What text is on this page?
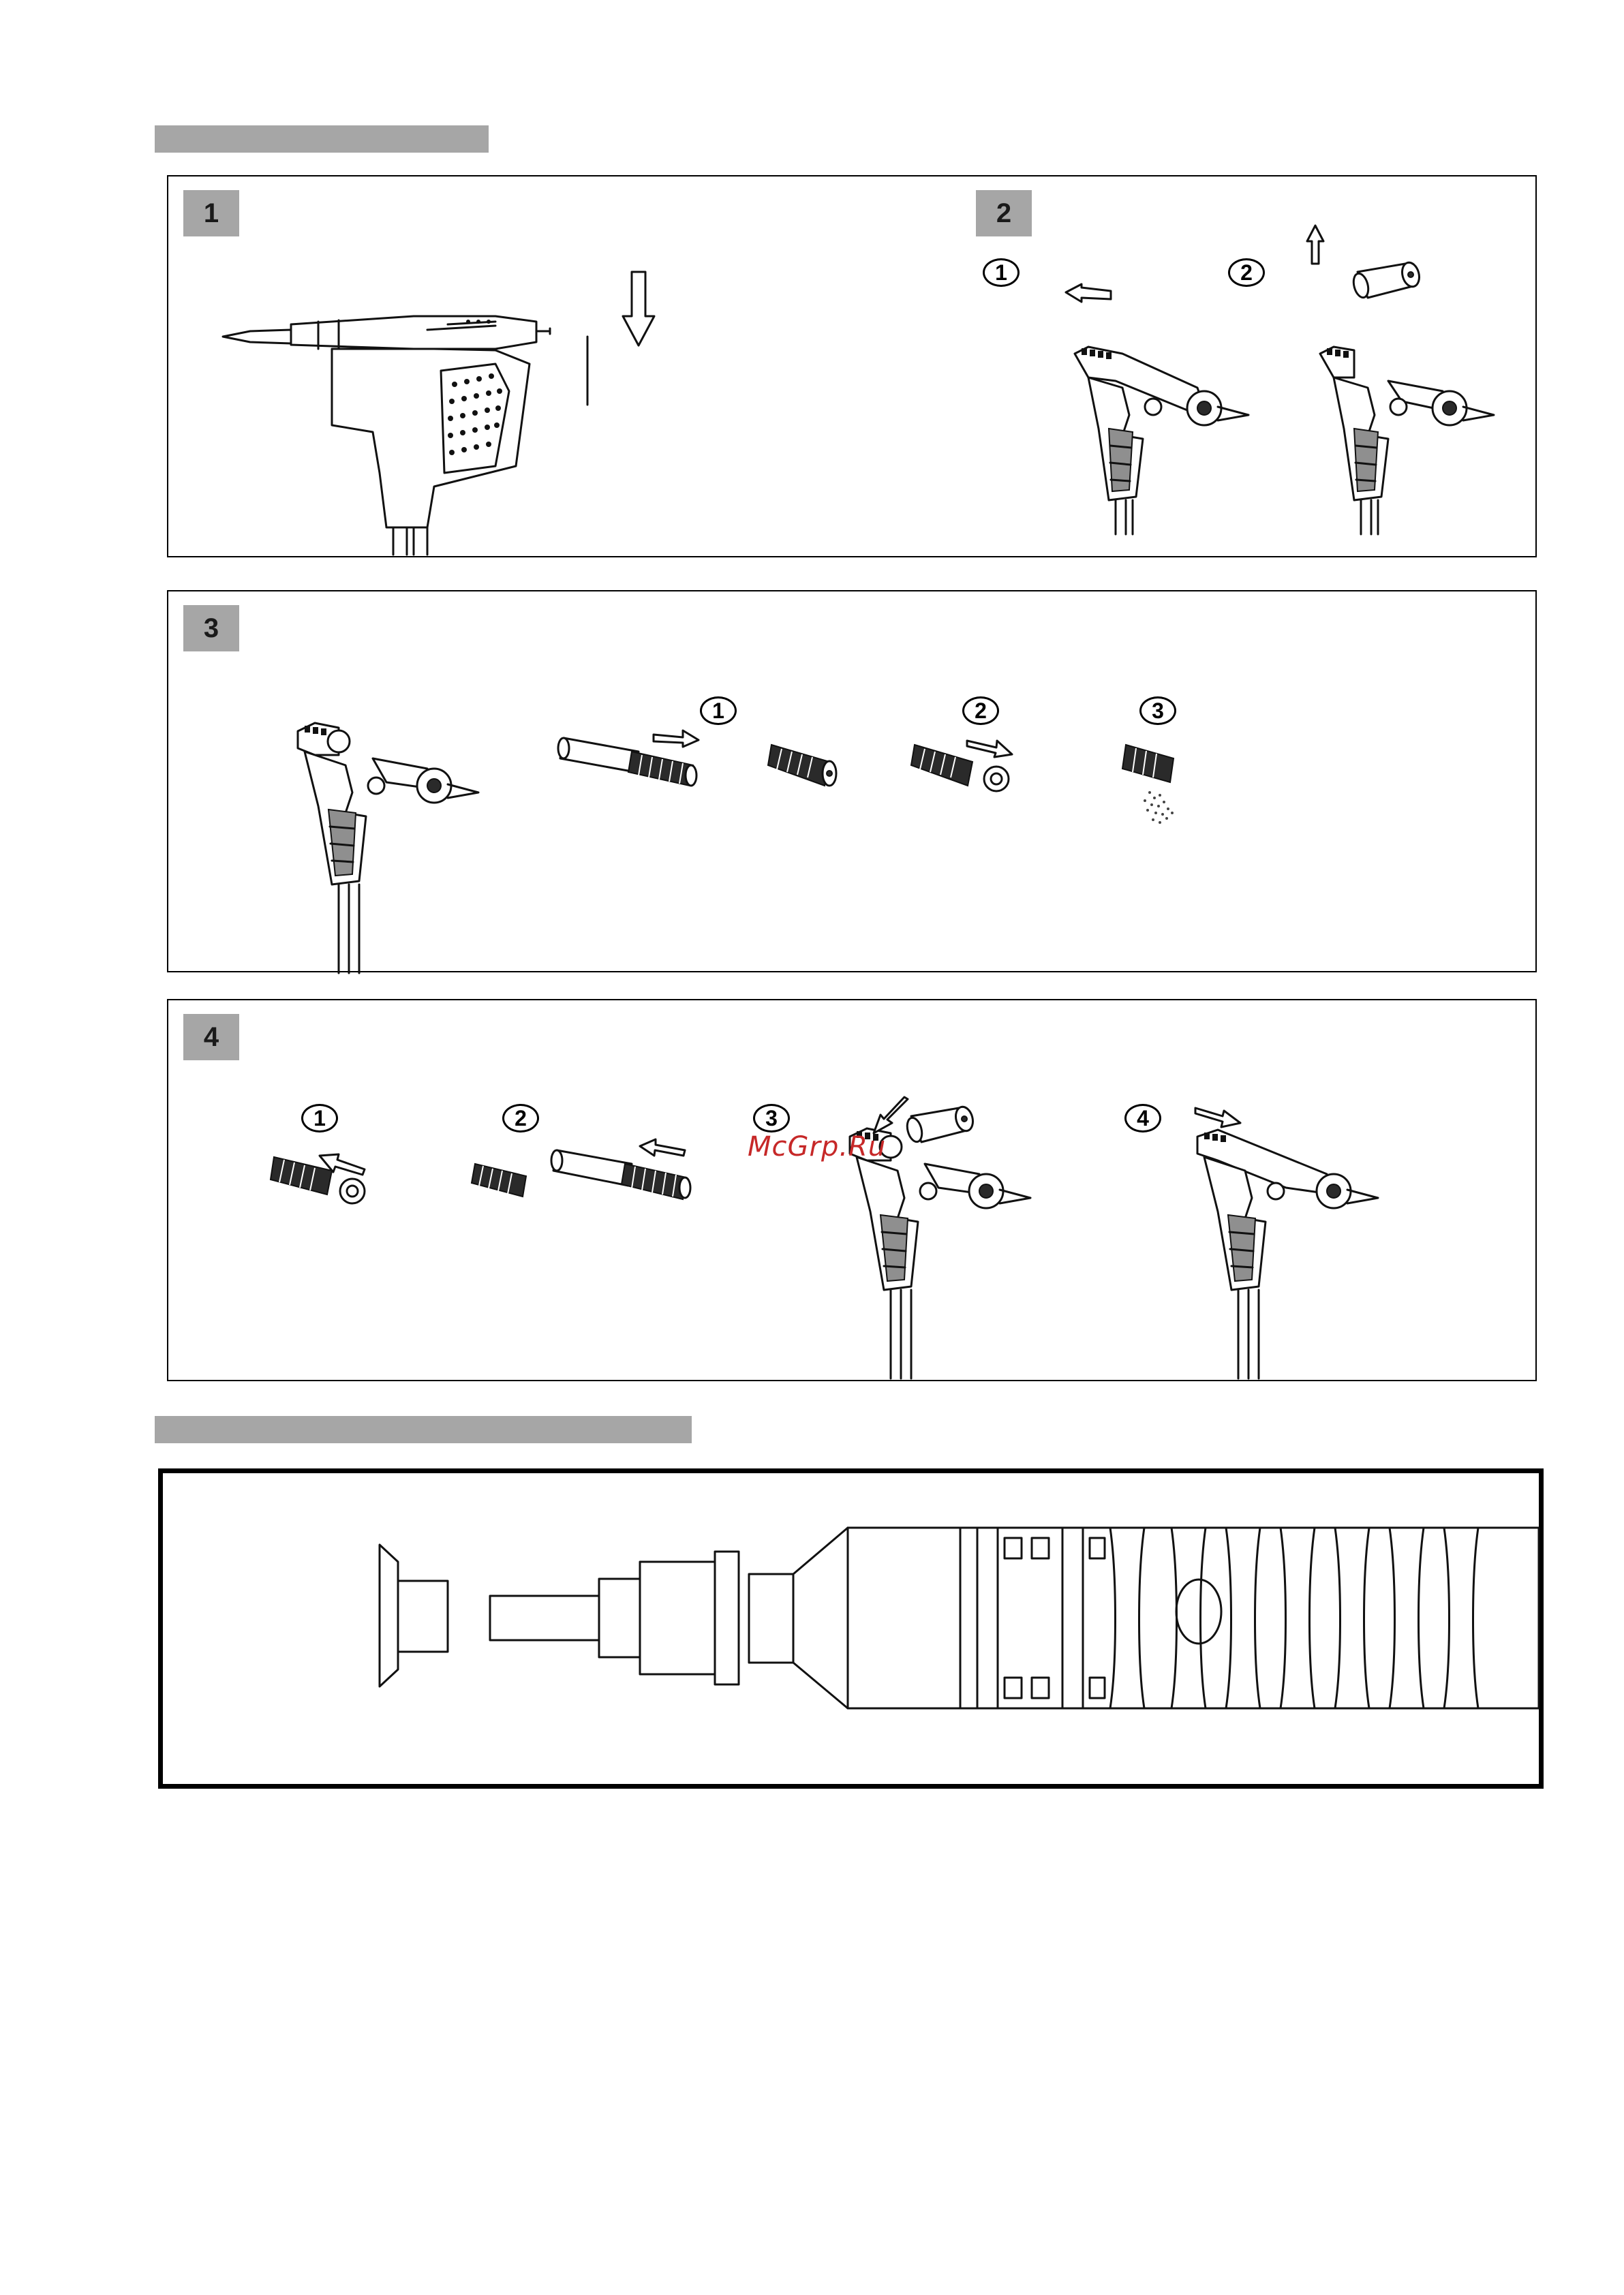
1	2
1	2
3
1	2	3
4
1	2	3	4
McGrp.Ru
